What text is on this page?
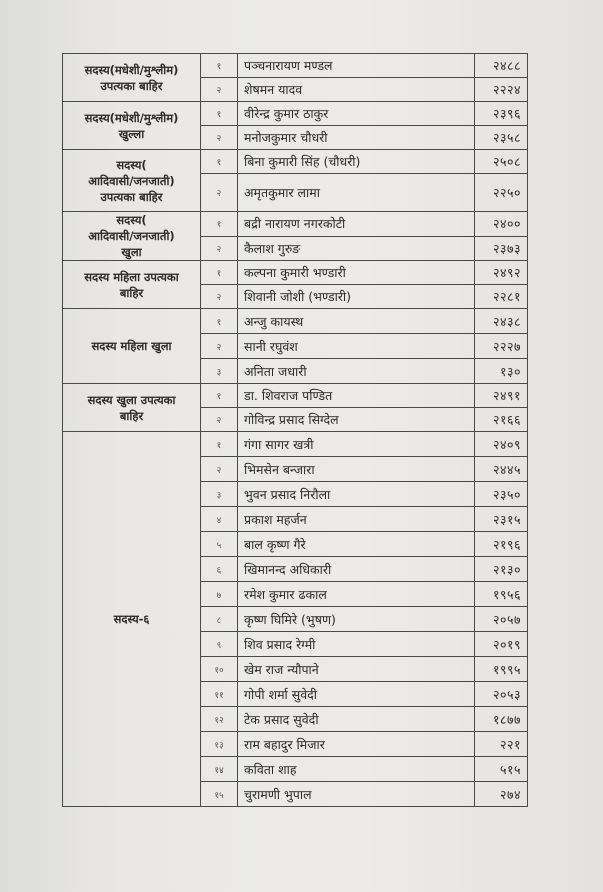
सदस्य(मधेशी/मुश्लीम)
उपत्यका बाहिर	१	पञ्चनारायण मण्डल	२४८८
	२	शेषमन यादव	२२२४

सदस्य(मधेशी/मुश्लीम)
खुल्ला	१	वीरेन्द्र कुमार ठाकुर	२३९६
	२	मनोजकुमार चौधरी	२३५८

सदस्य(
आदिवासी/जनजाती)
उपत्यका बाहिर	१	बिना कुमारी सिंह (चौधरी)	२५०८
	२	अमृतकुमार लामा	२२५०

सदस्य(
आदिवासी/जनजाती)
खुला	१	बद्री नारायण नगरकोटी	२४००
	२	कैलाश गुरुङ	२३७३

सदस्य महिला उपत्यका
बाहिर	१	कल्पना कुमारी भण्डारी	२४९२
	२	शिवानी जोशी (भण्डारी)	२२८१

सदस्य महिला खुला	१	अन्जु कायस्थ	२४३८
	२	सानी रघुवंश	२२२७
	३	अनिता जधारी	१३०

सदस्य खुला उपत्यका
बाहिर	१	डा. शिवराज पण्डित	२४९१
	२	गोविन्द्र प्रसाद सिग्देल	२१६६

सदस्य-६	१	गंगा सागर खत्री	२४०९
	२	भिमसेन बन्जारा	२४४५
	३	भुवन प्रसाद निरौला	२३५०
	४	प्रकाश महर्जन	२३१५
	५	बाल कृष्ण गैरे	२१९६
	६	खिमानन्द अधिकारी	२१३०
	७	रमेश कुमार ढकाल	१९५६
	८	कृष्ण घिमिरे (भुषण)	२०५७
	९	शिव प्रसाद रेग्मी	२०१९
	१०	खेम राज न्यौपाने	१९९५
	११	गोपी शर्मा सुवेदी	२०५३
	१२	टेक प्रसाद सुवेदी	१८७७
	१३	राम बहादुर मिजार	२२१
	१४	कविता शाह	५१५
	१५	चुरामणी भुपाल	२७४
